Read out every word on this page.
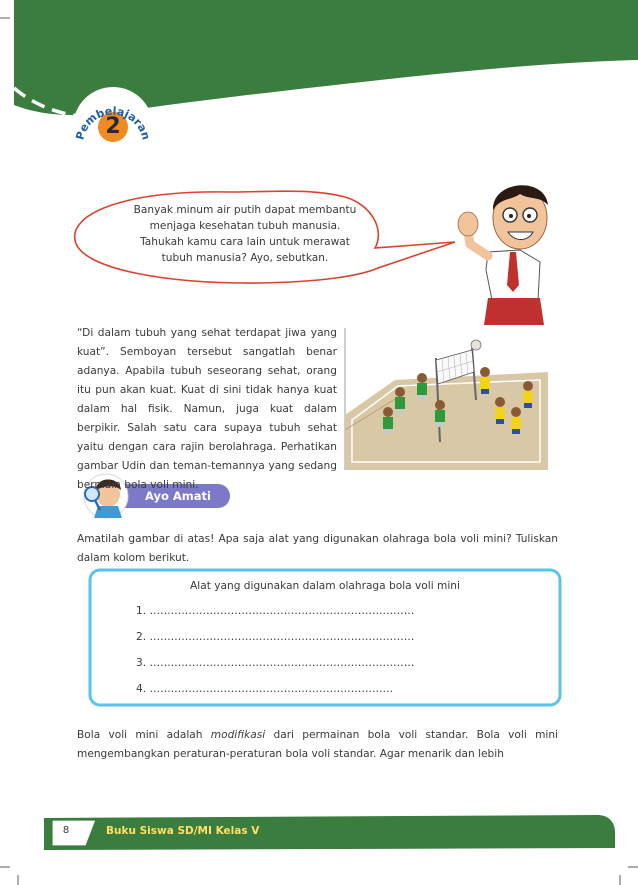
Pembelajaran
2
Banyak minum air putih dapat membantu
menjaga kesehatan tubuh manusia.
Tahukah kamu cara lain untuk merawat
tubuh manusia? Ayo, sebutkan.
“Di dalam tubuh yang sehat terdapat jiwa yang kuat”. Semboyan tersebut sangatlah benar adanya. Apabila tubuh seseorang sehat, orang itu pun akan kuat. Kuat di sini tidak hanya kuat dalam hal fisik. Namun, juga kuat dalam berpikir. Salah satu cara supaya tubuh sehat yaitu dengan cara rajin berolahraga. Perhatikan gambar Udin dan teman-temannya yang sedang bermain bola voli mini.
Ayo Amati
Amatilah gambar di atas! Apa saja alat yang digunakan olahraga bola voli mini? Tuliskan dalam kolom berikut.
Alat yang digunakan dalam olahraga bola voli mini
1. …………………………………………………………………
2. …………………………………………………………………
3. …………………………………………………………………
4. ……………………………………………………………
Bola voli mini adalah modifikasi dari permainan bola voli standar. Bola voli mini mengembangkan peraturan-peraturan bola voli standar. Agar menarik dan lebih
8	Buku Siswa SD/MI Kelas V
